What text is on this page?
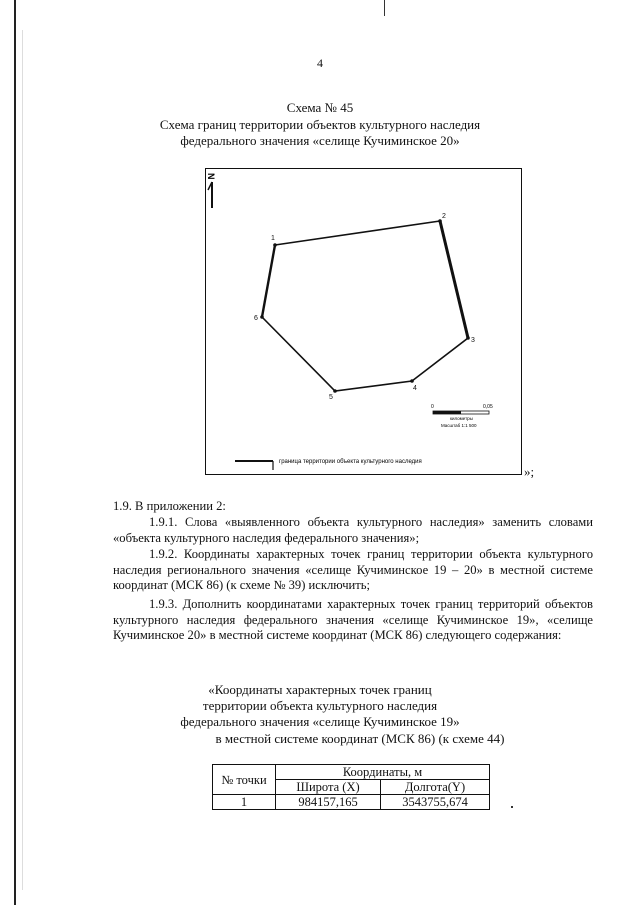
4
Схема № 45
Схема границ территории объектов культурного наследия
федерального значения «селище Кучиминское 20»
N
1
2
3
4
5
6
0	0,05
километры
Масштаб 1:1 500
граница территории объекта культурного наследия
»;
1.9. В приложении 2:
1.9.1. Слова «выявленного объекта культурного наследия» заменить словами «объекта культурного наследия федерального значения»;
1.9.2. Координаты характерных точек границ территории объекта культурного наследия регионального значения «селище Кучиминское 19 – 20» в местной системе координат (МСК 86) (к схеме № 39) исключить;
1.9.3. Дополнить координатами характерных точек границ территорий объектов культурного наследия федерального значения «селище Кучиминское 19», «селище Кучиминское 20» в местной системе координат (МСК 86) следующего содержания:
«Координаты характерных точек границ
территории объекта культурного наследия
федерального значения «селище Кучиминское 19»
в местной системе координат (МСК 86) (к схеме 44)
№ точки	Координаты, м	
	Широта (X)	Долгота(Y)
1	984157,165	3543755,674
